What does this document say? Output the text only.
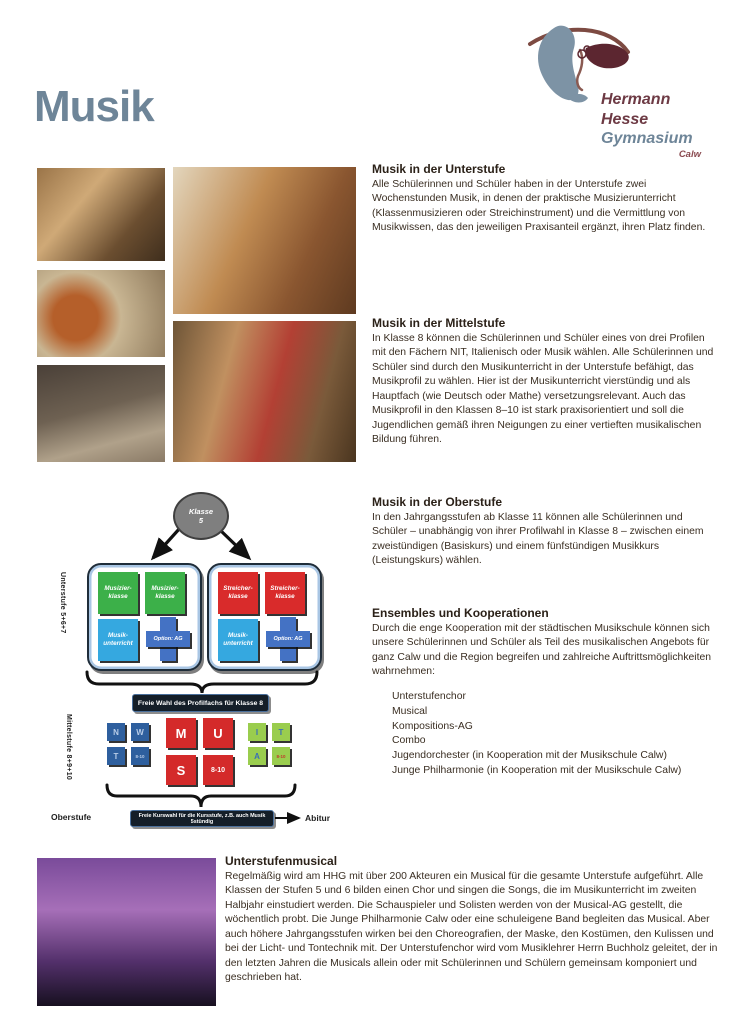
Musik	Hermann
Hesse
Gymnasium
Calw
Musik in der Unterstufe

Alle Schülerinnen und Schüler haben in der Unterstufe zwei Wochenstunden Musik, in denen der praktische Musizierunterricht (Klassenmusizieren oder Streichinstrument) und die Vermittlung von Musikwissen, das den jeweiligen Praxisanteil ergänzt, ihren Platz finden.

Musik in der Mittelstufe

In Klasse 8 können die Schülerinnen und Schüler eines von drei Profilen mit den Fächern NIT, Italienisch oder Musik wählen. Alle Schülerinnen und Schüler sind durch den Musikunterricht in der Unterstufe befähigt, das Musikprofil zu wählen. Hier ist der Musikunterricht vierstündig und als Hauptfach (wie Deutsch oder Mathe) versetzungsrelevant. Auch das Musikprofil in den Klassen 8–10 ist stark praxisorientiert und soll die Jugendlichen gemäß ihren Neigungen zu einer vertieften musikalischen Bildung führen.

Musik in der Oberstufe

In den Jahrgangsstufen ab Klasse 11 können alle Schülerinnen und Schüler – unabhängig von ihrer Profilwahl in Klasse 8 – zwischen einem zweistündigen (Basiskurs) und einem fünfstündigen Musikkurs (Leistungskurs) wählen.

Ensembles und Kooperationen

Durch die enge Kooperation mit der städtischen Musikschule können sich unsere Schülerinnen und Schüler als Teil des musikalischen Angebots für ganz Calw und die Region begreifen und zahlreiche Auftrittsmöglichkeiten wahrnehmen:

Unterstufenchor
Musical
Kompositions-AG
Combo
Jugendorchester (in Kooperation mit der Musikschule Calw)
Junge Philharmonie (in Kooperation mit der Musikschule Calw)
Klasse
5
Unterstufe 5+6+7	Musizier-
klasse
Musizier-
klasse
Musik-
unterricht
Option: AG
Streicher-
klasse
Streicher-
klasse
Musik-
unterricht
Option: AG
Freie Wahl des Profilfachs für Klasse 8
Mittelstufe 8+9+10	N	W
T	8-10
M	U
S	8-10
I	T
A	8-10
Oberstufe	Freie Kurswahl für die Kursstufe, z.B. auch Musik 5stündig	Abitur
Unterstufenmusical

Regelmäßig wird am HHG mit über 200 Akteuren ein Musical für die gesamte Unterstufe aufgeführt. Alle Klassen der Stufen 5 und 6 bilden einen Chor und singen die Songs, die im Musikunterricht im zweiten Halbjahr einstudiert werden. Die Schauspieler und Solisten werden von der Musical-AG gestellt, die wöchentlich probt. Die Junge Philharmonie Calw oder eine schuleigene Band begleiten das Musical. Aber auch höhere Jahrgangsstufen wirken bei den Choreografien, der Maske, den Kostümen, den Kulissen und bei der Licht- und Tontechnik mit. Der Unterstufenchor wird vom Musiklehrer Herrn Buchholz geleitet, der in den letzten Jahren die Musicals allein oder mit Schülerinnen und Schülern gemeinsam komponiert und geschrieben hat.
